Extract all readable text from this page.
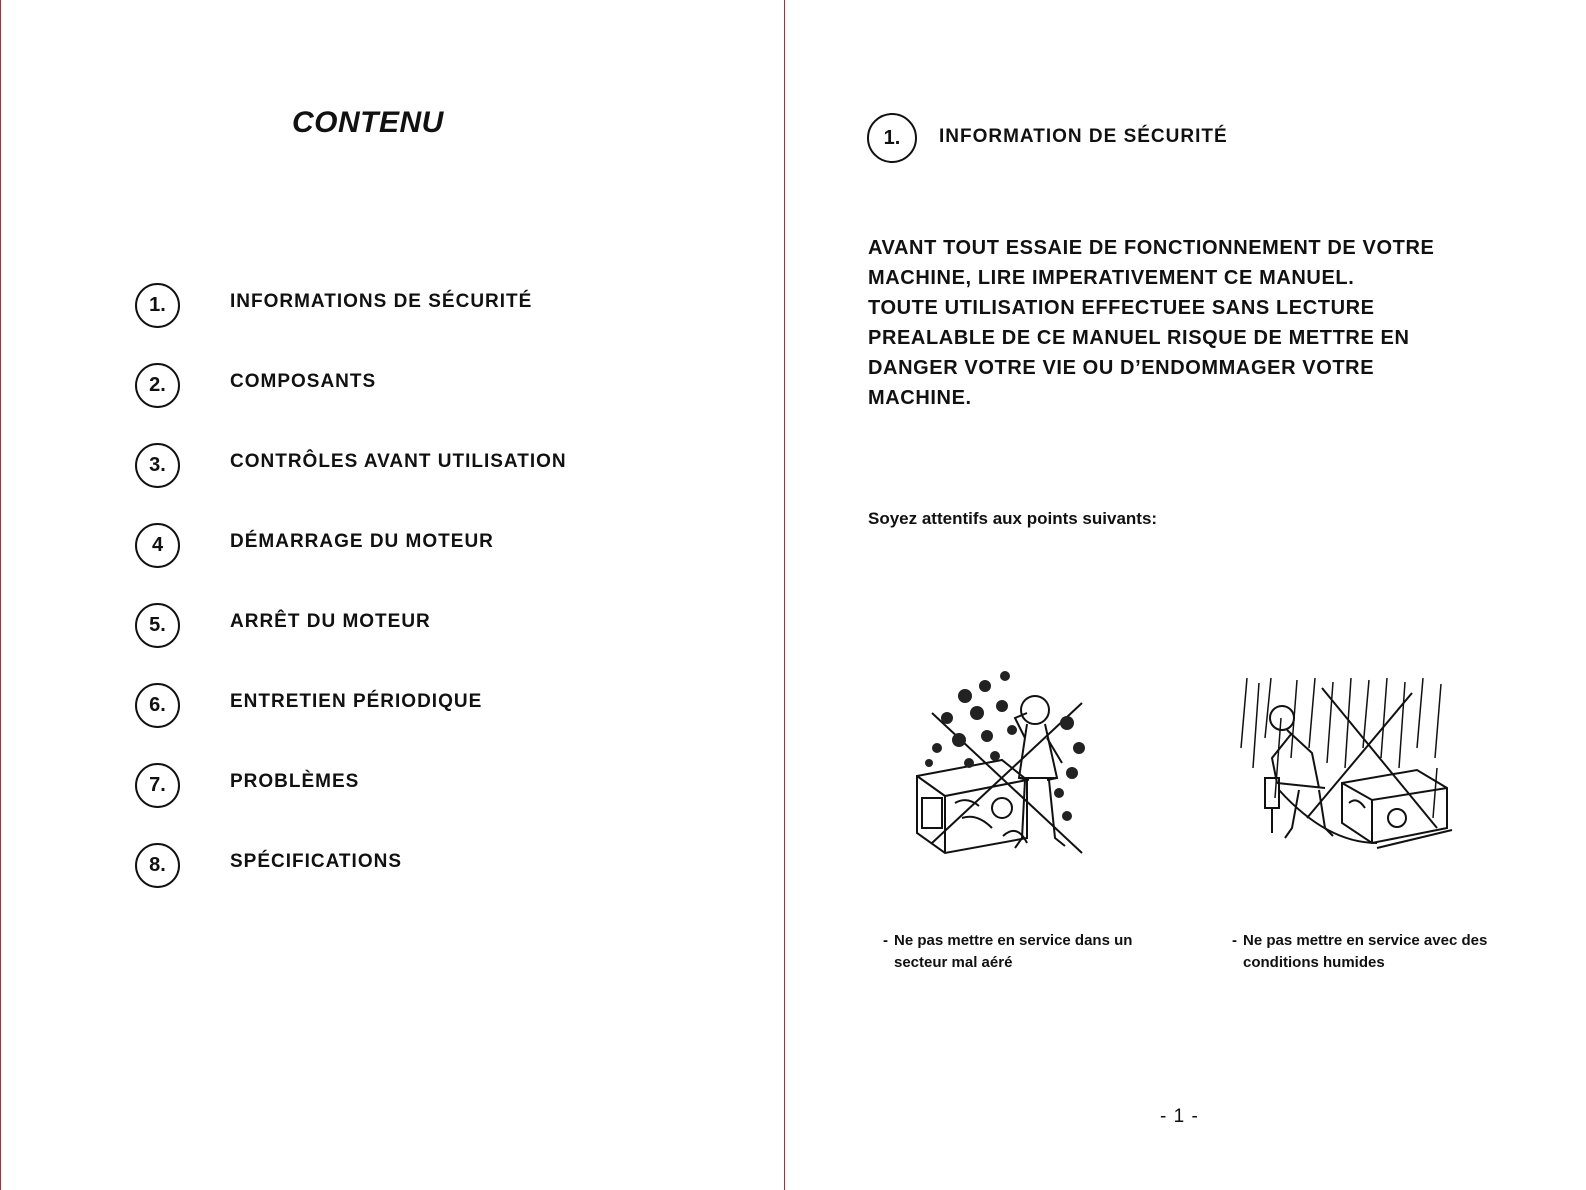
CONTENU
1.	INFORMATIONS DE SÉCURITÉ
2.	COMPOSANTS
3.	CONTRÔLES AVANT UTILISATION
4	DÉMARRAGE DU MOTEUR
5.	ARRÊT DU MOTEUR
6.	ENTRETIEN PÉRIODIQUE
7.	PROBLÈMES
8.	SPÉCIFICATIONS
1.	INFORMATION DE SÉCURITÉ

AVANT TOUT ESSAIE DE FONCTIONNEMENT DE VOTRE
MACHINE, LIRE IMPERATIVEMENT CE MANUEL.
TOUTE UTILISATION EFFECTUEE SANS LECTURE
PREALABLE DE CE MANUEL RISQUE DE METTRE EN
DANGER VOTRE VIE OU D’ENDOMMAGER VOTRE
MACHINE.

Soyez attentifs aux points suivants:
- Ne pas mettre en service dans un
secteur mal aéré
- Ne pas mettre en service avec des
conditions humides
- 1 -
